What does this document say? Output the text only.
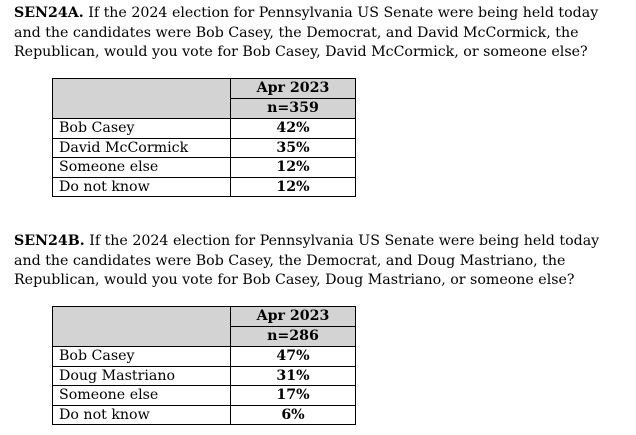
SEN24A. If the 2024 election for Pennsylvania US Senate were being held today and the candidates were Bob Casey, the Democrat, and David McCormick, the Republican, would you vote for Bob Casey, David McCormick, or someone else?

	Apr 2023
	n=359
Bob Casey	42%
David McCormick	35%
Someone else	12%
Do not know	12%

SEN24B. If the 2024 election for Pennsylvania US Senate were being held today and the candidates were Bob Casey, the Democrat, and Doug Mastriano, the Republican, would you vote for Bob Casey, Doug Mastriano, or someone else?

	Apr 2023
	n=286
Bob Casey	47%
Doug Mastriano	31%
Someone else	17%
Do not know	6%
